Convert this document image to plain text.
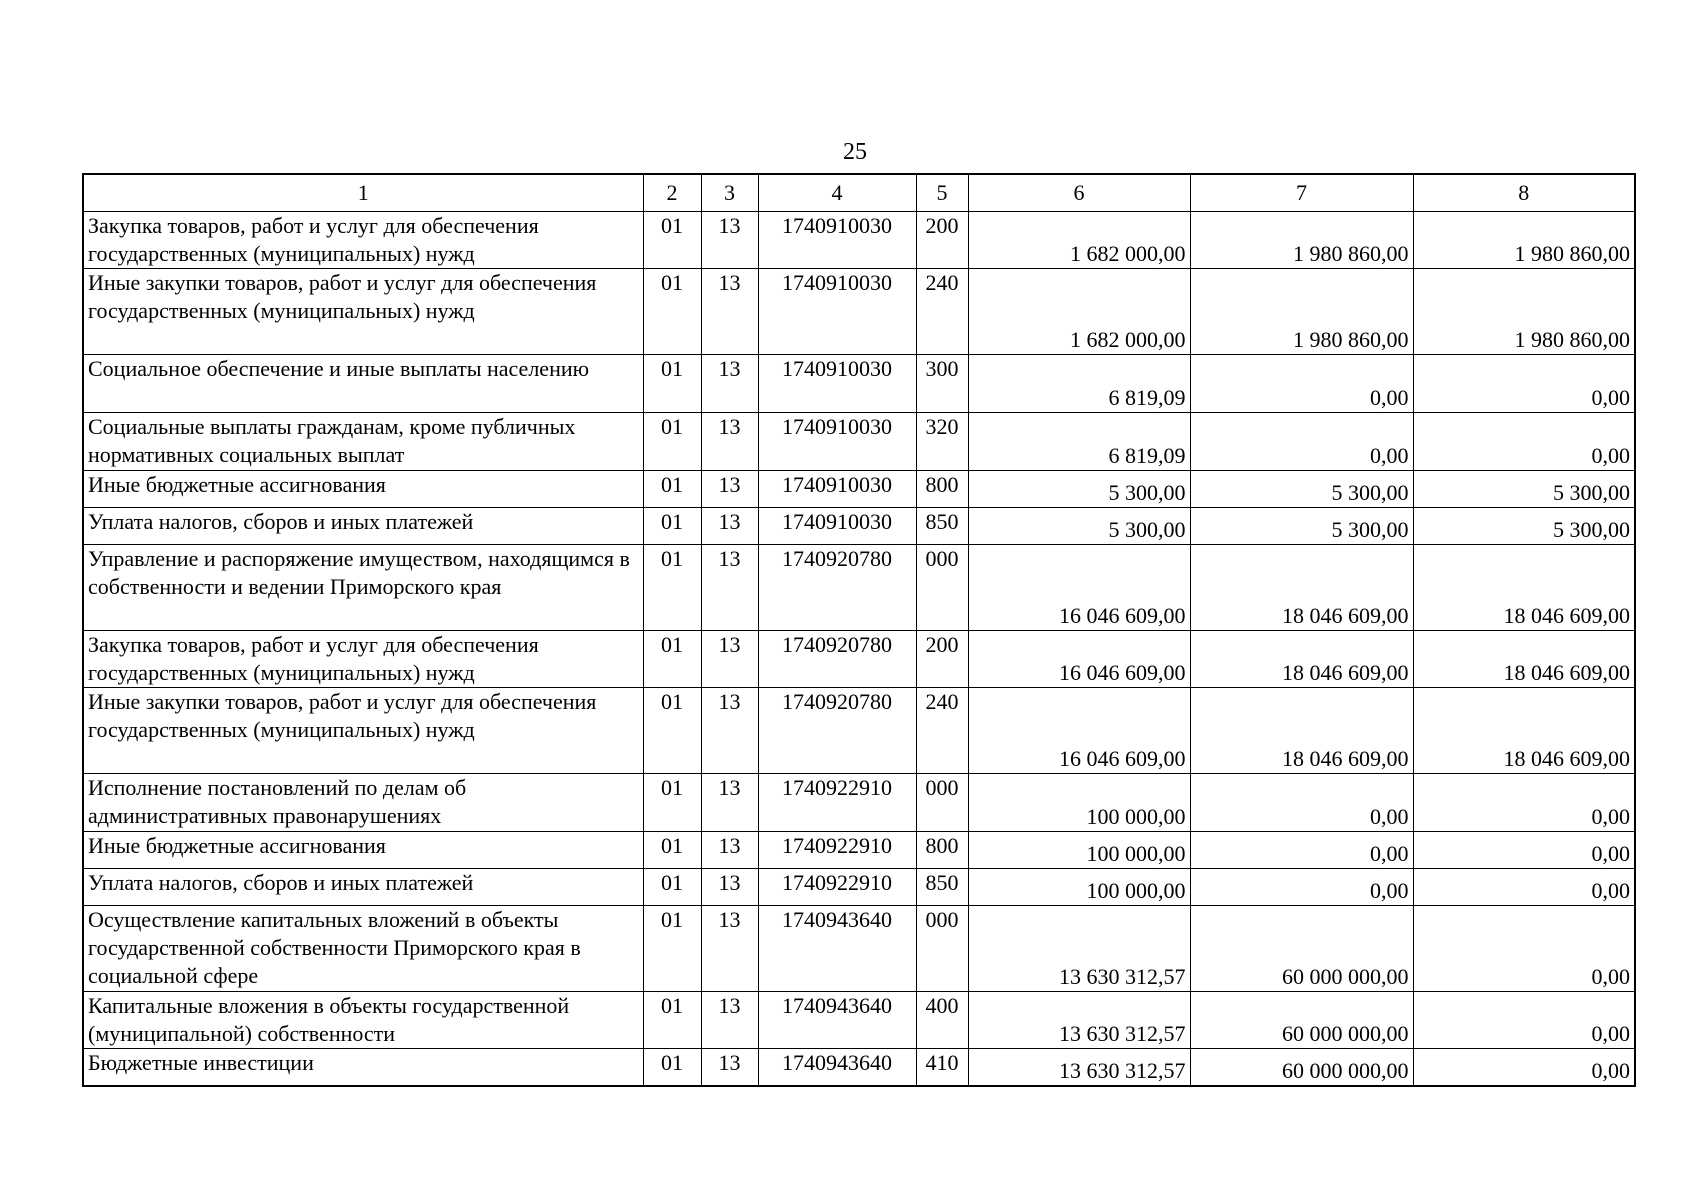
25
1	2	3	4	5	6	7	8
Закупка товаров, работ и услуг для обеспечения государственных (муниципальных) нужд	01	13	1740910030	200	1 682 000,00	1 980 860,00	1 980 860,00
Иные закупки товаров, работ и услуг для обеспечения государственных (муниципальных) нужд	01	13	1740910030	240	1 682 000,00	1 980 860,00	1 980 860,00
Социальное обеспечение и иные выплаты населению	01	13	1740910030	300	6 819,09	0,00	0,00
Социальные выплаты гражданам, кроме публичных нормативных социальных выплат	01	13	1740910030	320	6 819,09	0,00	0,00
Иные бюджетные ассигнования	01	13	1740910030	800	5 300,00	5 300,00	5 300,00
Уплата налогов, сборов и иных платежей	01	13	1740910030	850	5 300,00	5 300,00	5 300,00
Управление и распоряжение имуществом, находящимся в собственности и ведении Приморского края	01	13	1740920780	000	16 046 609,00	18 046 609,00	18 046 609,00
Закупка товаров, работ и услуг для обеспечения государственных (муниципальных) нужд	01	13	1740920780	200	16 046 609,00	18 046 609,00	18 046 609,00
Иные закупки товаров, работ и услуг для обеспечения государственных (муниципальных) нужд	01	13	1740920780	240	16 046 609,00	18 046 609,00	18 046 609,00
Исполнение постановлений по делам об административных правонарушениях	01	13	1740922910	000	100 000,00	0,00	0,00
Иные бюджетные ассигнования	01	13	1740922910	800	100 000,00	0,00	0,00
Уплата налогов, сборов и иных платежей	01	13	1740922910	850	100 000,00	0,00	0,00
Осуществление капитальных вложений в объекты государственной собственности Приморского края в социальной сфере	01	13	1740943640	000	13 630 312,57	60 000 000,00	0,00
Капитальные вложения в объекты государственной (муниципальной) собственности	01	13	1740943640	400	13 630 312,57	60 000 000,00	0,00
Бюджетные инвестиции	01	13	1740943640	410	13 630 312,57	60 000 000,00	0,00
